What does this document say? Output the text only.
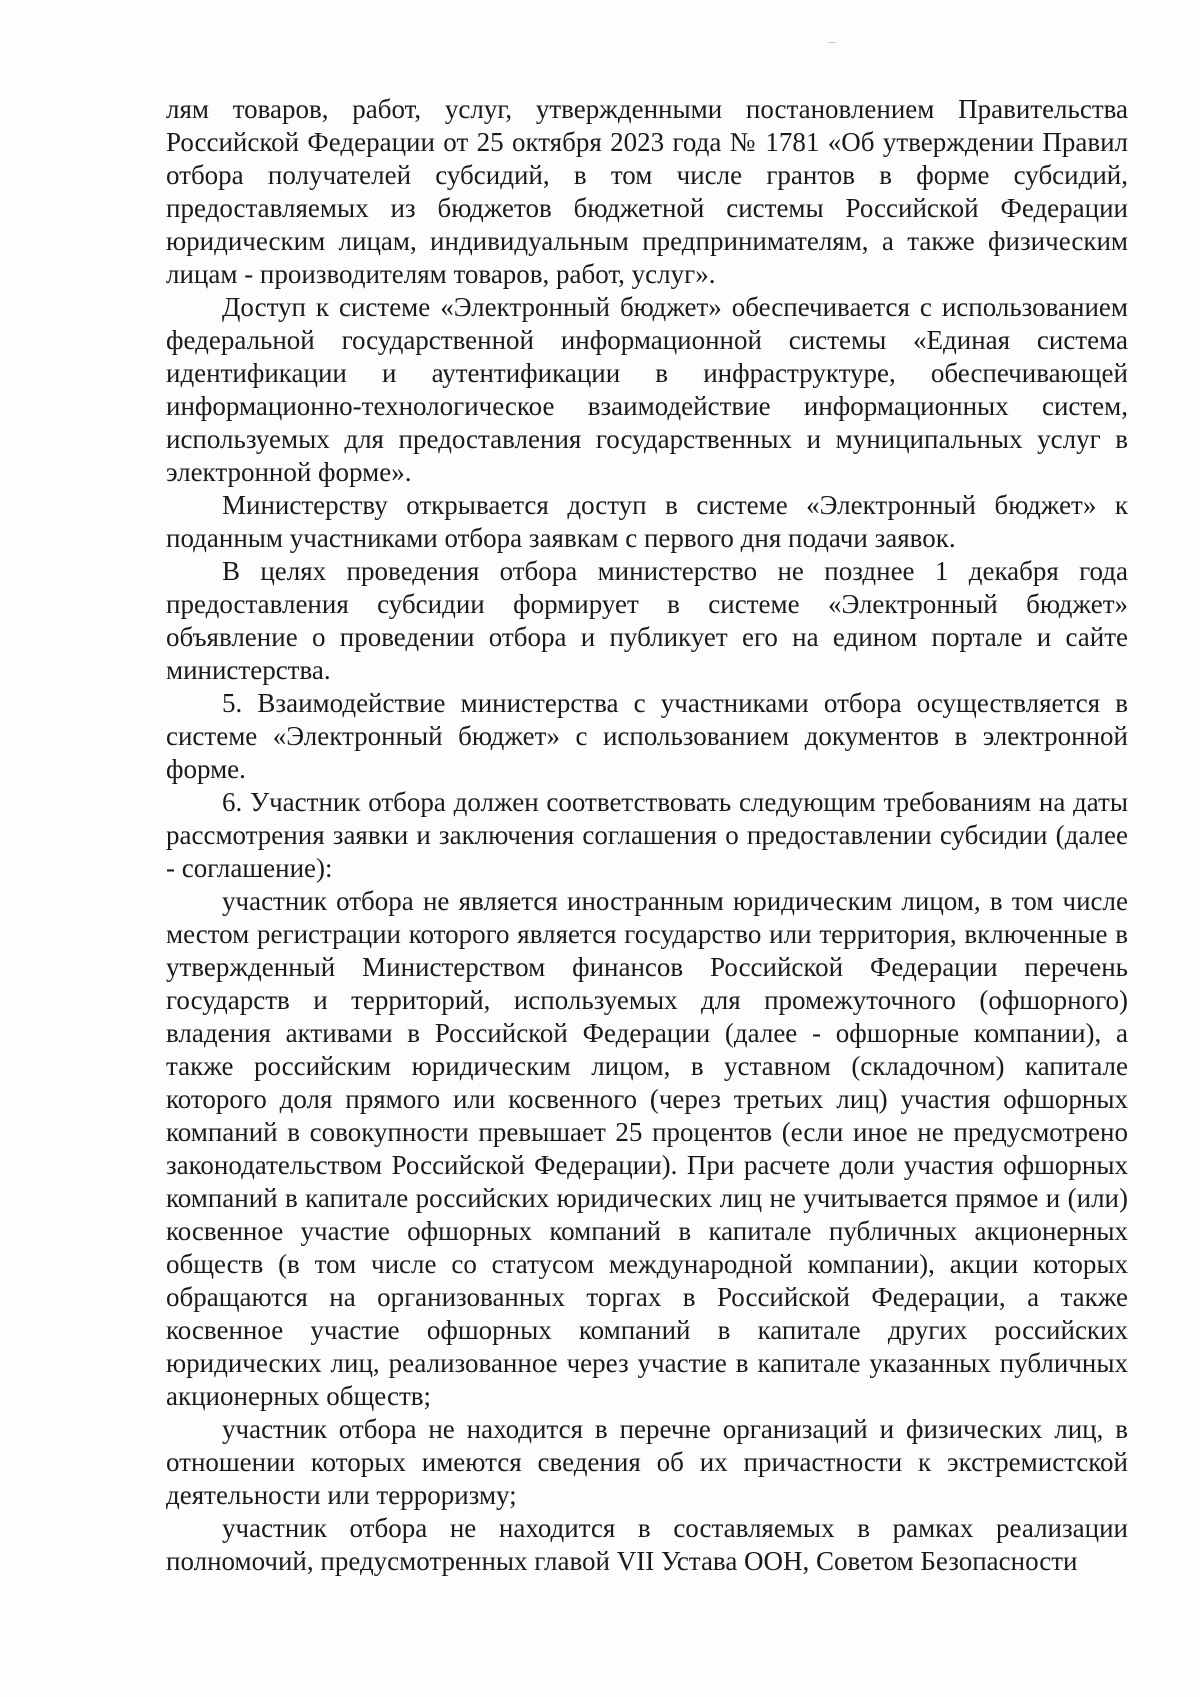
лям товаров, работ, услуг, утвержденными постановлением Правительства Российской Федерации от 25 октября 2023 года № 1781 «Об утверждении Правил отбора получателей субсидий, в том числе грантов в форме субсидий, предоставляемых из бюджетов бюджетной системы Российской Федерации юридическим лицам, индивидуальным предпринимателям, а также физическим лицам - производителям товаров, работ, услуг».

Доступ к системе «Электронный бюджет» обеспечивается с использованием федеральной государственной информационной системы «Единая система идентификации и аутентификации в инфраструктуре, обеспечивающей информационно-технологическое взаимодействие информационных систем, используемых для предоставления государственных и муниципальных услуг в электронной форме».

Министерству открывается доступ в системе «Электронный бюджет» к поданным участниками отбора заявкам с первого дня подачи заявок.

В целях проведения отбора министерство не позднее 1 декабря года предоставления субсидии формирует в системе «Электронный бюджет» объявление о проведении отбора и публикует его на едином портале и сайте министерства.

5. Взаимодействие министерства с участниками отбора осуществляется в системе «Электронный бюджет» с использованием документов в электронной форме.

6. Участник отбора должен соответствовать следующим требованиям на даты рассмотрения заявки и заключения соглашения о предоставлении субсидии (далее - соглашение):

участник отбора не является иностранным юридическим лицом, в том числе местом регистрации которого является государство или территория, включенные в утвержденный Министерством финансов Российской Федерации перечень государств и территорий, используемых для промежуточного (офшорного) владения активами в Российской Федерации (далее - офшорные компании), а также российским юридическим лицом, в уставном (складочном) капитале которого доля прямого или косвенного (через третьих лиц) участия офшорных компаний в совокупности превышает 25 процентов (если иное не предусмотрено законодательством Российской Федерации). При расчете доли участия офшорных компаний в капитале российских юридических лиц не учитывается прямое и (или) косвенное участие офшорных компаний в капитале публичных акционерных обществ (в том числе со статусом международной компании), акции которых обращаются на организованных торгах в Российской Федерации, а также косвенное участие офшорных компаний в капитале других российских юридических лиц, реализованное через участие в капитале указанных публичных акционерных обществ;

участник отбора не находится в перечне организаций и физических лиц, в отношении которых имеются сведения об их причастности к экстремистской деятельности или терроризму;

участник отбора не находится в составляемых в рамках реализации полномочий, предусмотренных главой VII Устава ООН, Советом Безопасности
